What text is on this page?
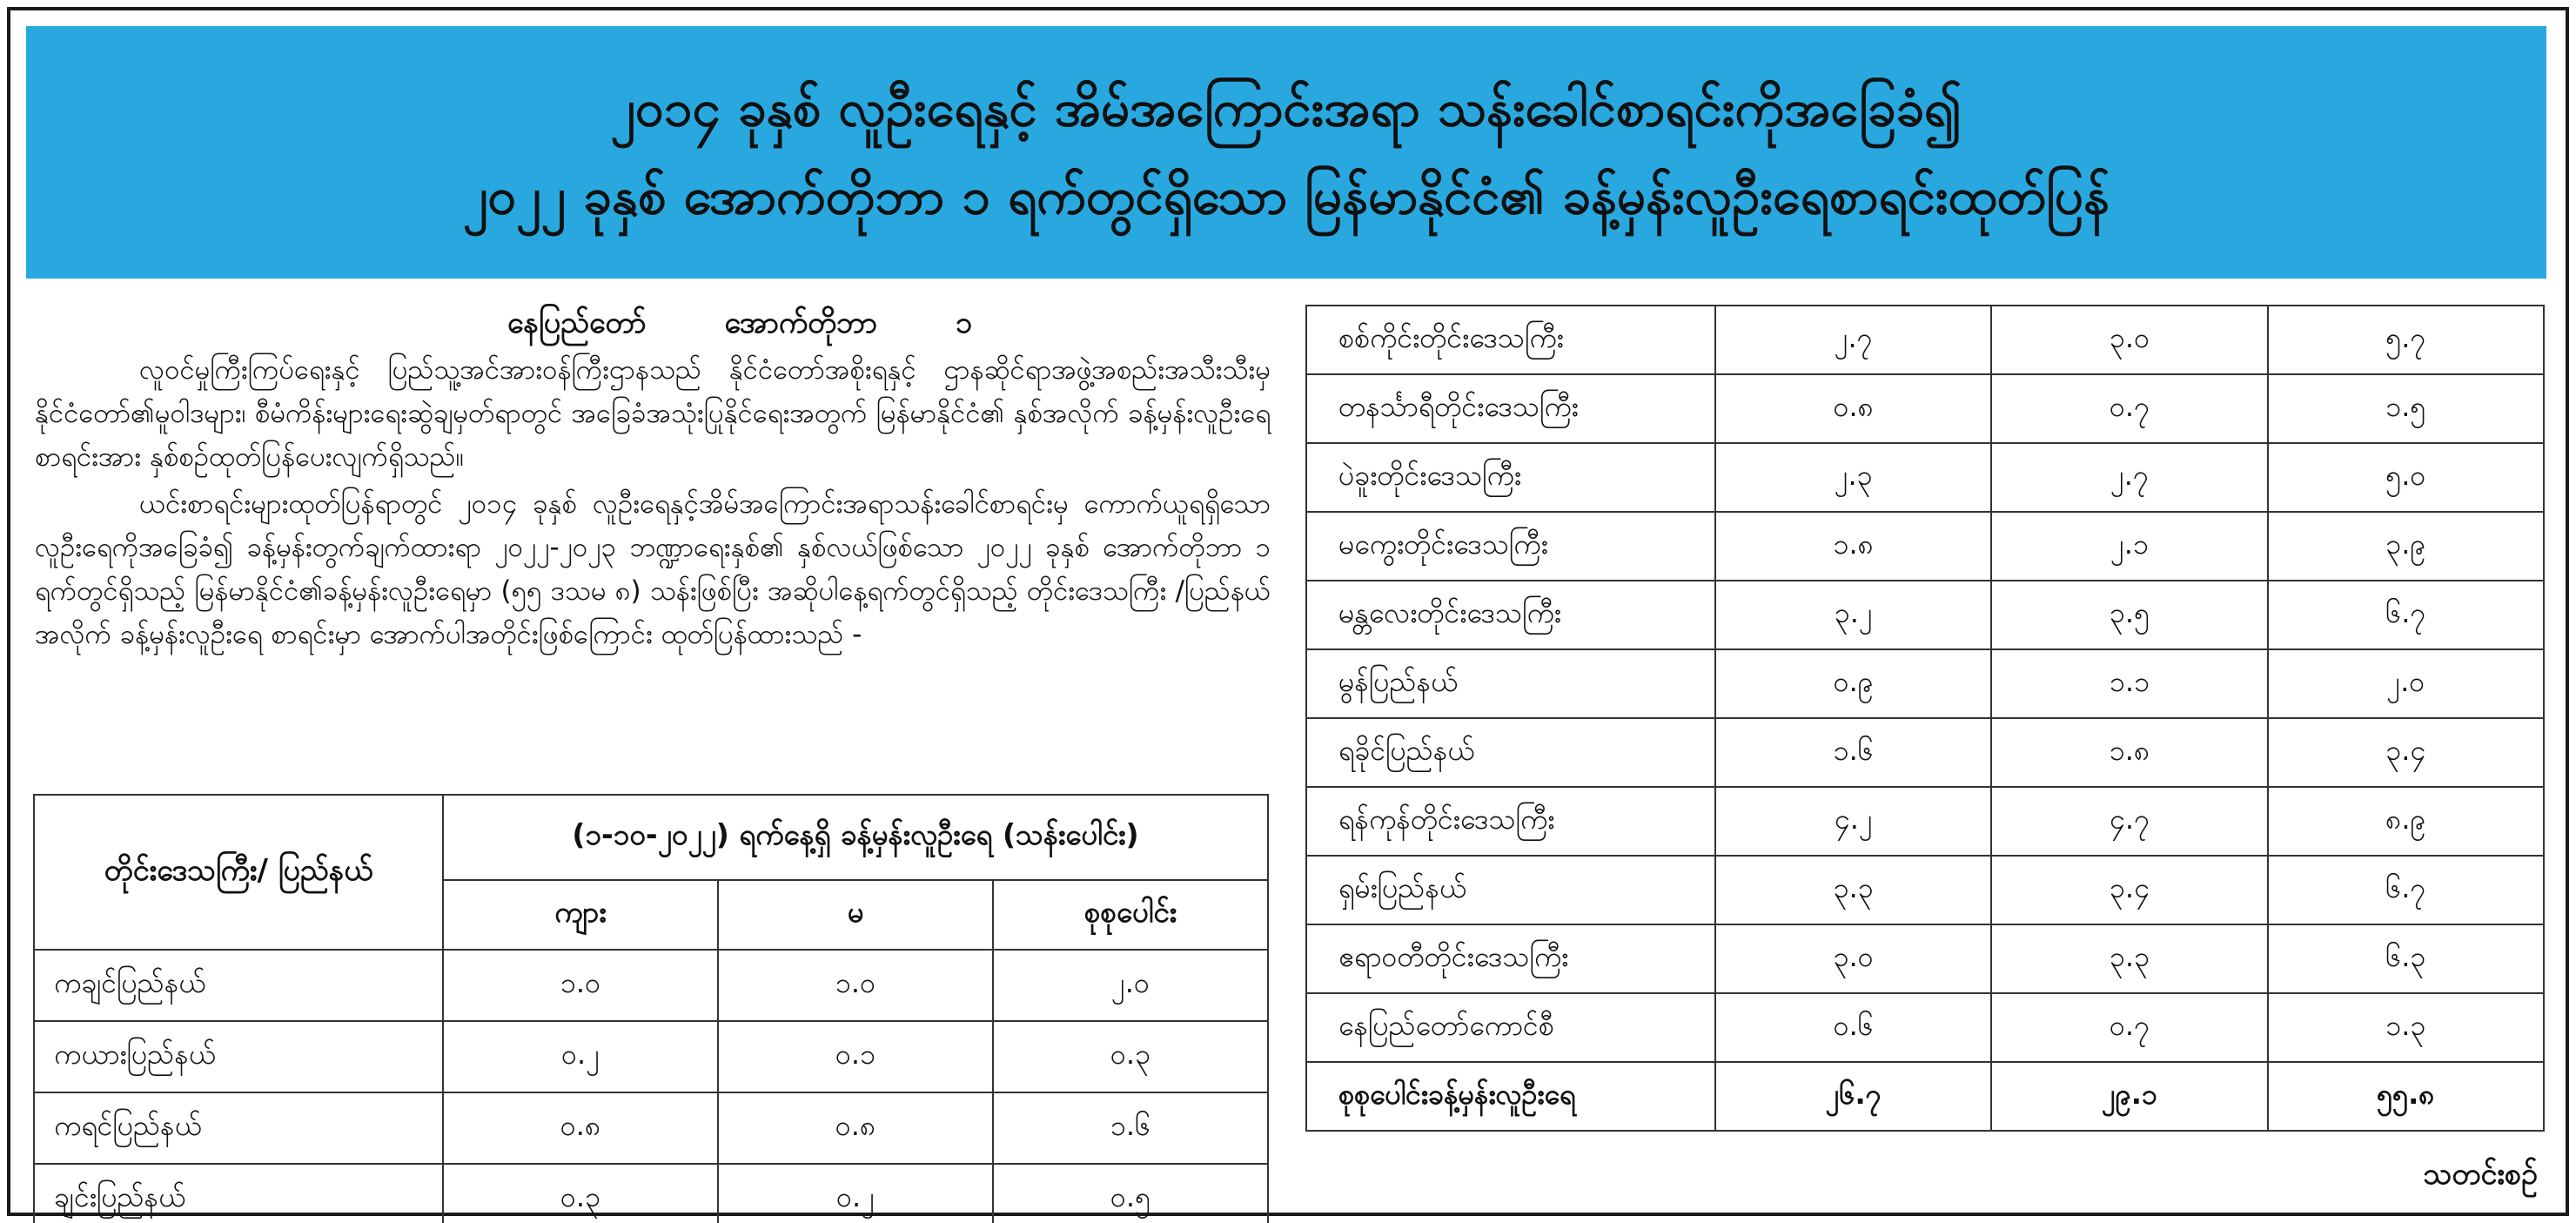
၂၀၁၄ ခုနှစ် လူဦးရေနှင့် အိမ်အကြောင်းအရာ သန်းခေါင်စာရင်းကိုအခြေခံ၍
၂၀၂၂ ခုနှစ် အောက်တိုဘာ ၁ ရက်တွင်ရှိသော မြန်မာနိုင်ငံ၏ ခန့်မှန်းလူဦးရေစာရင်းထုတ်ပြန်
နေပြည်တော်	အောက်တိုဘာ	၁

လူဝင်မှုကြီးကြပ်ရေးနှင့် ပြည်သူ့အင်အားဝန်ကြီးဌာနသည် နိုင်ငံတော်အစိုးရနှင့် ဌာနဆိုင်ရာအဖွဲ့အစည်းအသီးသီးမှ နိုင်ငံတော်၏မူဝါဒများ၊ စီမံကိန်းများရေးဆွဲချမှတ်ရာတွင် အခြေခံအသုံးပြုနိုင်ရေးအတွက် မြန်မာနိုင်ငံ၏ နှစ်အလိုက် ခန့်မှန်းလူဦးရေစာရင်းအား နှစ်စဉ်ထုတ်ပြန်ပေးလျက်ရှိသည်။

ယင်းစာရင်းများထုတ်ပြန်ရာတွင် ၂၀၁၄ ခုနှစ် လူဦးရေနှင့်အိမ်အကြောင်းအရာသန်းခေါင်စာရင်းမှ ကောက်ယူရရှိသော လူဦးရေကိုအခြေခံ၍ ခန့်မှန်းတွက်ချက်ထားရာ ၂၀၂၂-၂၀၂၃ ဘဏ္ဍာရေးနှစ်၏ နှစ်လယ်ဖြစ်သော ၂၀၂၂ ခုနှစ် အောက်တိုဘာ ၁ ရက်တွင်ရှိသည့် မြန်မာနိုင်ငံ၏ခန့်မှန်းလူဦးရေမှာ (၅၅ ဒသမ ၈) သန်းဖြစ်ပြီး အဆိုပါနေ့ရက်တွင်ရှိသည့် တိုင်းဒေသကြီး /ပြည်နယ်အလိုက် ခန့်မှန်းလူဦးရေ စာရင်းမှာ အောက်ပါအတိုင်းဖြစ်ကြောင်း ထုတ်ပြန်ထားသည် -

တိုင်းဒေသကြီး/ ပြည်နယ်	(၁-၁၀-၂၀၂၂) ရက်နေ့ရှိ ခန့်မှန်းလူဦးရေ (သန်းပေါင်း)		
	ကျား	မ	စုစုပေါင်း
ကချင်ပြည်နယ်	၁.၀	၁.၀	၂.၀
ကယားပြည်နယ်	၀.၂	၀.၁	၀.၃
ကရင်ပြည်နယ်	၀.၈	၀.၈	၁.၆
ချင်းပြည်နယ်	၀.၃	၀.၂	၀.၅
စစ်ကိုင်းတိုင်းဒေသကြီး	၂.၇	၃.၀	၅.၇
တနင်္သာရီတိုင်းဒေသကြီး	၀.၈	၀.၇	၁.၅
ပဲခူးတိုင်းဒေသကြီး	၂.၃	၂.၇	၅.၀
မကွေးတိုင်းဒေသကြီး	၁.၈	၂.၁	၃.၉
မန္တလေးတိုင်းဒေသကြီး	၃.၂	၃.၅	၆.၇
မွန်ပြည်နယ်	၀.၉	၁.၁	၂.၀
ရခိုင်ပြည်နယ်	၁.၆	၁.၈	၃.၄
ရန်ကုန်တိုင်းဒေသကြီး	၄.၂	၄.၇	၈.၉
ရှမ်းပြည်နယ်	၃.၃	၃.၄	၆.၇
ဧရာဝတီတိုင်းဒေသကြီး	၃.၀	၃.၃	၆.၃
နေပြည်တော်ကောင်စီ	၀.၆	၀.၇	၁.၃
စုစုပေါင်းခန့်မှန်းလူဦးရေ	၂၆.၇	၂၉.၁	၅၅.၈
သတင်းစဉ်
